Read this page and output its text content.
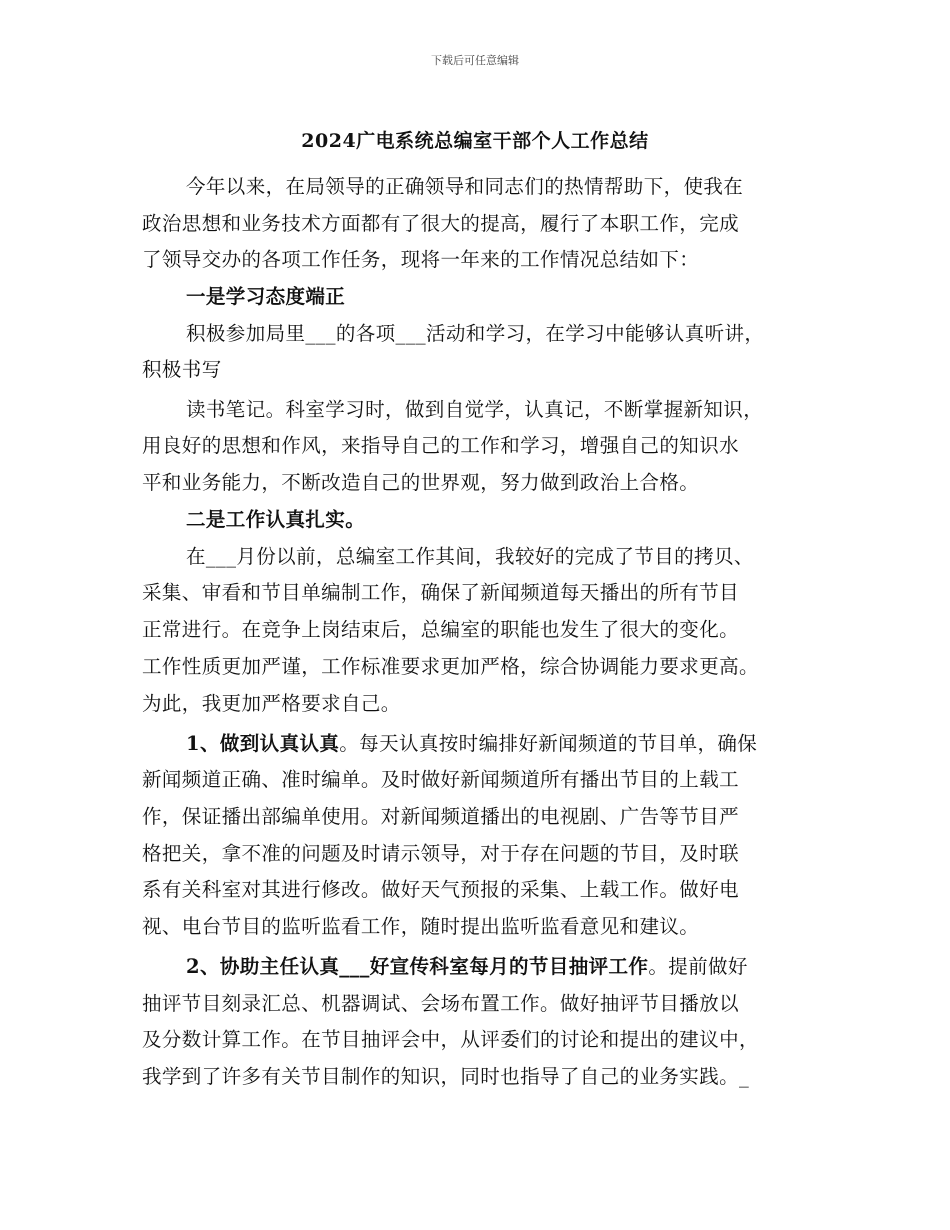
下载后可任意编辑
2024广电系统总编室干部个人工作总结
今年以来，在局领导的正确领导和同志们的热情帮助下，使我在
政治思想和业务技术方面都有了很大的提高，履行了本职工作，完成
了领导交办的各项工作任务，现将一年来的工作情况总结如下：
一是学习态度端正
积极参加局里___的各项___活动和学习，在学习中能够认真听讲，
积极书写
读书笔记。科室学习时，做到自觉学，认真记，不断掌握新知识，
用良好的思想和作风，来指导自己的工作和学习，增强自己的知识水
平和业务能力，不断改造自己的世界观，努力做到政治上合格。
二是工作认真扎实。
在___月份以前，总编室工作其间，我较好的完成了节目的拷贝、
采集、审看和节目单编制工作，确保了新闻频道每天播出的所有节目
正常进行。在竞争上岗结束后，总编室的职能也发生了很大的变化。
工作性质更加严谨，工作标准要求更加严格，综合协调能力要求更高。
为此，我更加严格要求自己。
1、做到认真认真。每天认真按时编排好新闻频道的节目单，确保
新闻频道正确、准时编单。及时做好新闻频道所有播出节目的上载工
作，保证播出部编单使用。对新闻频道播出的电视剧、广告等节目严
格把关，拿不准的问题及时请示领导，对于存在问题的节目，及时联
系有关科室对其进行修改。做好天气预报的采集、上载工作。做好电
视、电台节目的监听监看工作，随时提出监听监看意见和建议。
2、协助主任认真___好宣传科室每月的节目抽评工作。提前做好
抽评节目刻录汇总、机器调试、会场布置工作。做好抽评节目播放以
及分数计算工作。在节目抽评会中，从评委们的讨论和提出的建议中，
我学到了许多有关节目制作的知识，同时也指导了自己的业务实践。_
